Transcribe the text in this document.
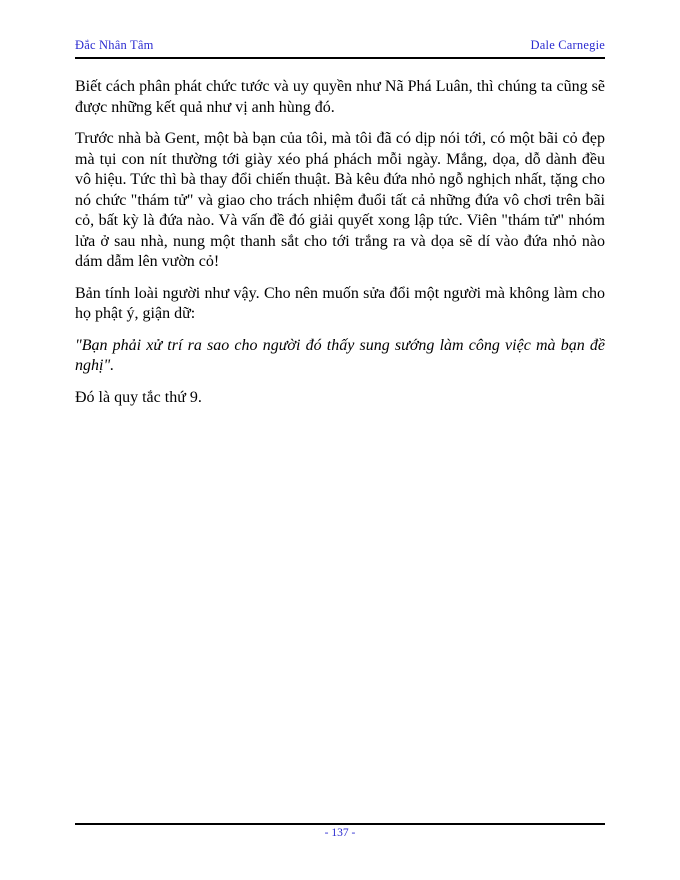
Đắc Nhân Tâm	Dale Carnegie

Biết cách phân phát chức tước và uy quyền như Nã Phá Luân, thì chúng ta cũng sẽ được những kết quả như vị anh hùng đó.

Trước nhà bà Gent, một bà bạn của tôi, mà tôi đã có dịp nói tới, có một bãi cỏ đẹp mà tụi con nít thường tới giày xéo phá phách mỗi ngày. Mắng, dọa, dỗ dành đều vô hiệu. Tức thì bà thay đổi chiến thuật. Bà kêu đứa nhỏ ngỗ nghịch nhất, tặng cho nó chức "thám tử" và giao cho trách nhiệm đuổi tất cả những đứa vô chơi trên bãi cỏ, bất kỳ là đứa nào. Và vấn đề đó giải quyết xong lập tức. Viên "thám tử" nhóm lửa ở sau nhà, nung một thanh sắt cho tới trắng ra và dọa sẽ dí vào đứa nhỏ nào dám dẫm lên vườn cỏ!

Bản tính loài người như vậy. Cho nên muốn sửa đổi một người mà không làm cho họ phật ý, giận dữ:

"Bạn phải xử trí ra sao cho người đó thấy sung sướng làm công việc mà bạn đề nghị".

Đó là quy tắc thứ 9.

- 137 -
